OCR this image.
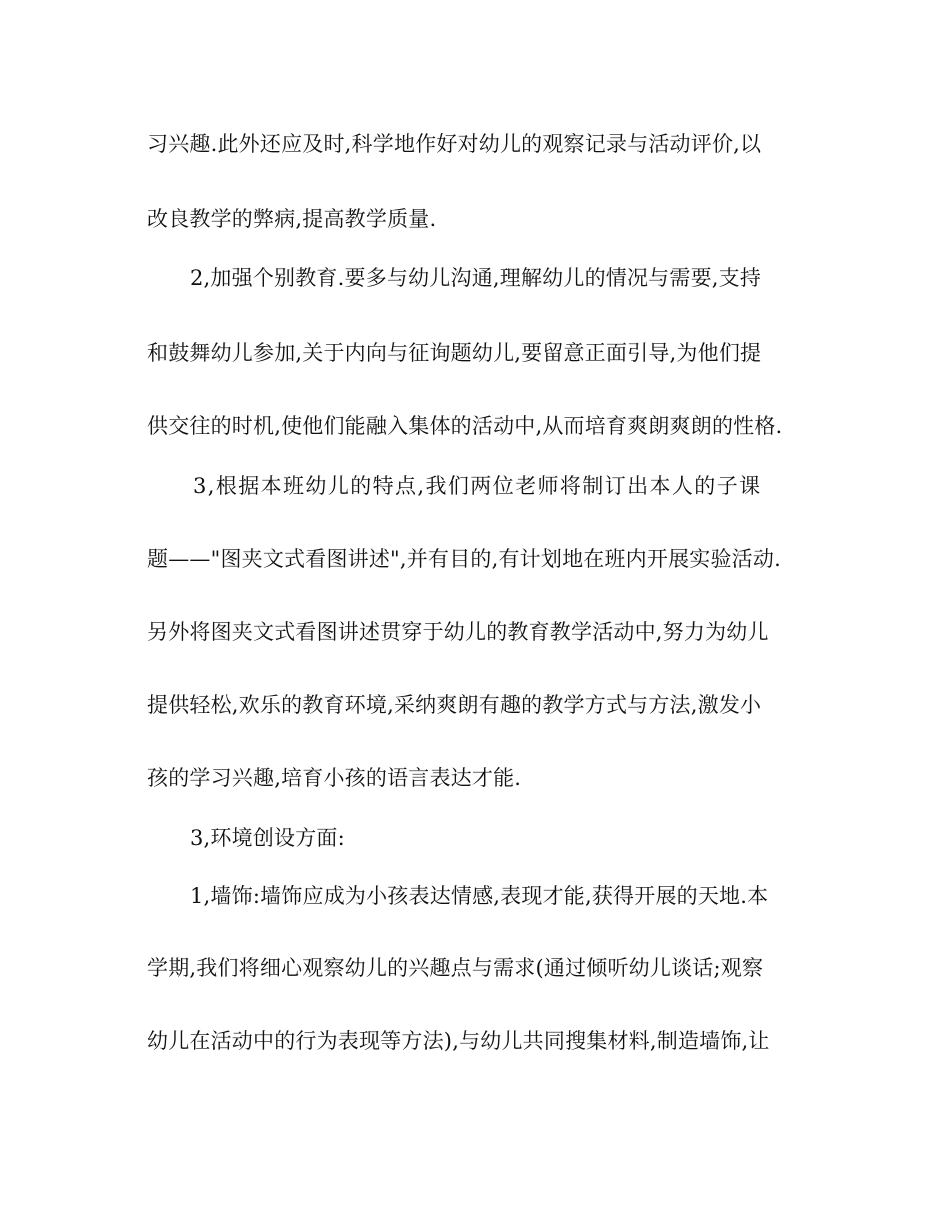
习兴趣.此外还应及时,科学地作好对幼儿的观察记录与活动评价,以
改良教学的弊病,提高教学质量.
2,加强个别教育.要多与幼儿沟通,理解幼儿的情况与需要,支持
和鼓舞幼儿参加,关于内向与征询题幼儿,要留意正面引导,为他们提
供交往的时机,使他们能融入集体的活动中,从而培育爽朗爽朗的性格.
3,根据本班幼儿的特点,我们两位老师将制订出本人的子课
题——"图夹文式看图讲述",并有目的,有计划地在班内开展实验活动.
另外将图夹文式看图讲述贯穿于幼儿的教育教学活动中,努力为幼儿
提供轻松,欢乐的教育环境,采纳爽朗有趣的教学方式与方法,激发小
孩的学习兴趣,培育小孩的语言表达才能.
3,环境创设方面:
1,墙饰:墙饰应成为小孩表达情感,表现才能,获得开展的天地.本
学期,我们将细心观察幼儿的兴趣点与需求(通过倾听幼儿谈话;观察
幼儿在活动中的行为表现等方法),与幼儿共同搜集材料,制造墙饰,让
